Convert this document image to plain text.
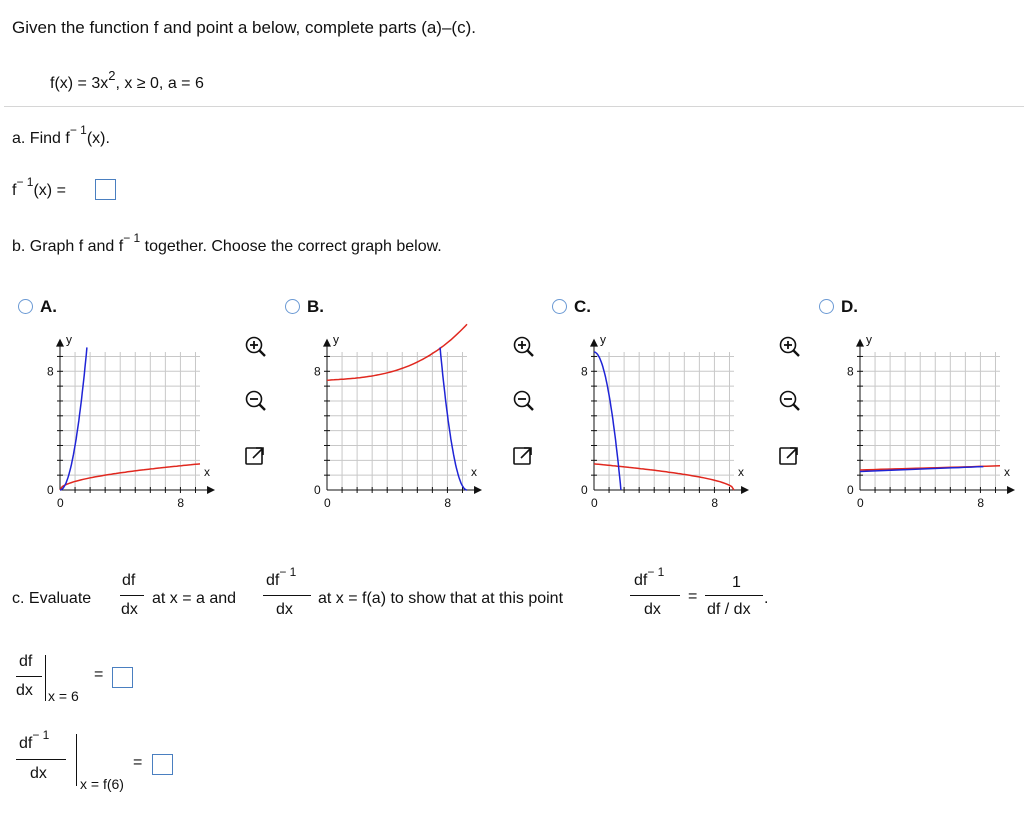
Given the function f and point a below, complete parts (a)–(c).
$f(x) = 3x^2$, x ≥ 0, a = 6
a. Find $f^{- 1}(x)$.
$f^{- 1}(x)$ =
b. Graph f and $f^{- 1}$ together. Choose the correct graph below.
A.	B.	C.	D.
y
x
8
0
0	8
y
x
8
0
0	8
y
x
8
0
0	8
y
x
8
0
0	8
c. Evaluate
df
dx
at x = a and
$df^{- 1}$
dx
at x = f(a) to show that at this point
$df^{- 1}$
dx
=
1
df / dx
.
df
dx x = 6
=
$df^{- 1}$
dx
x = f(6)
=
